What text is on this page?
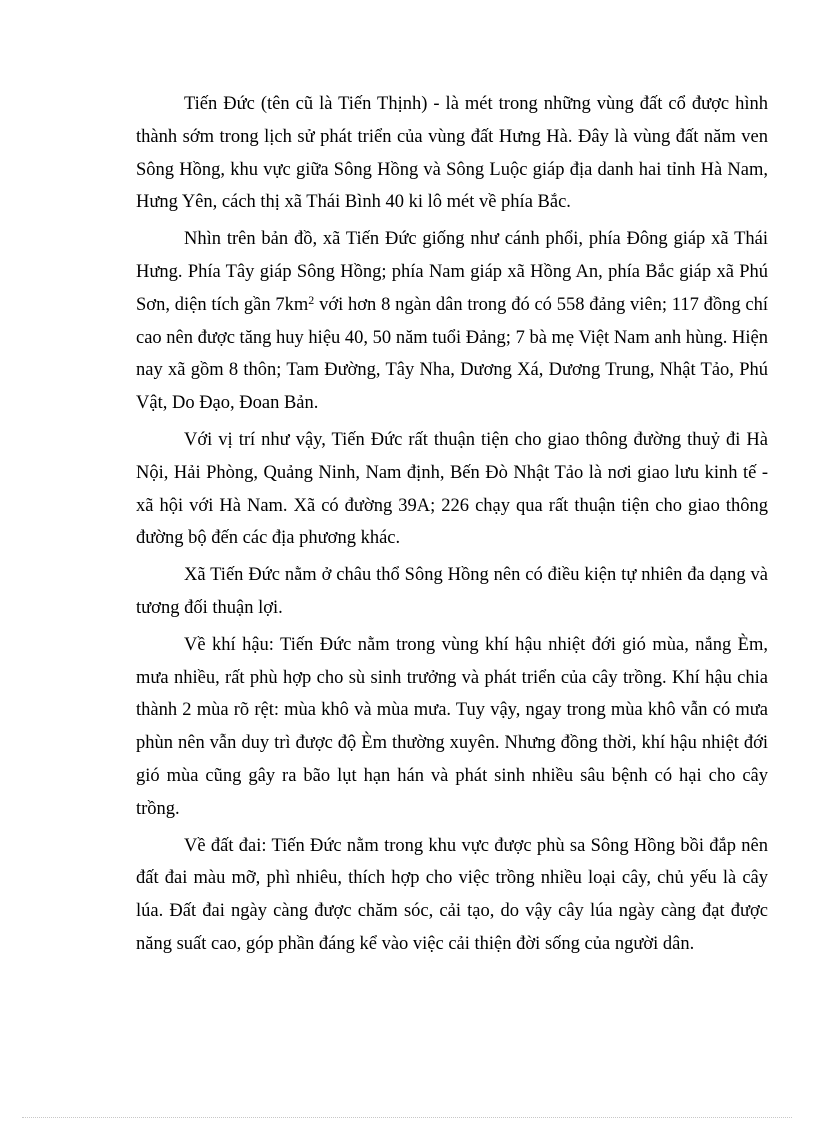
Tiến Đức (tên cũ là Tiến Thịnh) - là mét trong những vùng đất cổ được hình thành sớm trong lịch sử phát triển của vùng đất Hưng Hà. Đây là vùng đất năm ven Sông Hồng, khu vực giữa Sông Hồng và Sông Luộc giáp địa danh hai tỉnh Hà Nam, Hưng Yên, cách thị xã Thái Bình 40 ki lô mét về phía Bắc.

Nhìn trên bản đồ, xã Tiến Đức giống như cánh phổi, phía Đông giáp xã Thái Hưng. Phía Tây giáp Sông Hồng; phía Nam giáp xã Hồng An, phía Bắc giáp xã Phú Sơn, diện tích gần $7km^2$ với hơn 8 ngàn dân trong đó có 558 đảng viên; 117 đồng chí cao nên được tăng huy hiệu 40, 50 năm tuổi Đảng; 7 bà mẹ Việt Nam anh hùng. Hiện nay xã gồm 8 thôn; Tam Đường, Tây Nha, Dương Xá, Dương Trung, Nhật Tảo, Phú Vật, Do Đạo, Đoan Bản.

Với vị trí như vậy, Tiến Đức rất thuận tiện cho giao thông đường thuỷ đi Hà Nội, Hải Phòng, Quảng Ninh, Nam định, Bến Đò Nhật Tảo là nơi giao lưu kinh tế - xã hội với Hà Nam. Xã có đường 39A; 226 chạy qua rất thuận tiện cho giao thông đường bộ đến các địa phương khác.

Xã Tiến Đức nằm ở châu thổ Sông Hồng nên có điều kiện tự nhiên đa dạng và tương đối thuận lợi.

Về khí hậu: Tiến Đức nằm trong vùng khí hậu nhiệt đới gió mùa, nắng Èm, mưa nhiều, rất phù hợp cho sù sinh trưởng và phát triển của cây trồng. Khí hậu chia thành 2 mùa rõ rệt: mùa khô và mùa mưa. Tuy vậy, ngay trong mùa khô vẫn có mưa phùn nên vẫn duy trì được độ Èm thường xuyên. Nhưng đồng thời, khí hậu nhiệt đới gió mùa cũng gây ra bão lụt hạn hán và phát sinh nhiều sâu bệnh có hại cho cây trồng.

Về đất đai: Tiến Đức nằm trong khu vực được phù sa Sông Hồng bồi đắp nên đất đai màu mỡ, phì nhiêu, thích hợp cho việc trồng nhiều loại cây, chủ yếu là cây lúa. Đất đai ngày càng được chăm sóc, cải tạo, do vậy cây lúa ngày càng đạt được năng suất cao, góp phần đáng kể vào việc cải thiện đời sống của người dân.
